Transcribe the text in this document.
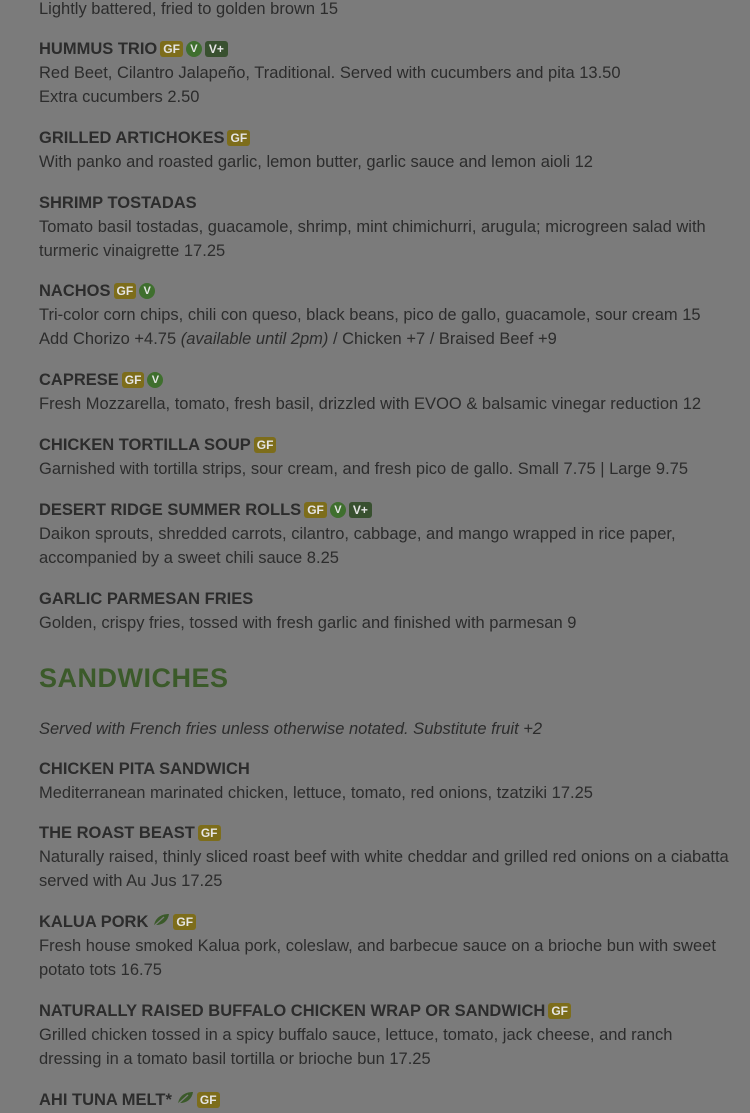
Lightly battered, fried to golden brown 15
HUMMUS TRIO GF V V+
Red Beet, Cilantro Jalapeño, Traditional. Served with cucumbers and pita 13.50
Extra cucumbers 2.50
GRILLED ARTICHOKES GF
With panko and roasted garlic, lemon butter, garlic sauce and lemon aioli 12
SHRIMP TOSTADAS
Tomato basil tostadas, guacamole, shrimp, mint chimichurri, arugula; microgreen salad with turmeric vinaigrette 17.25
NACHOS GF V
Tri-color corn chips, chili con queso, black beans, pico de gallo, guacamole, sour cream 15
Add Chorizo +4.75 (available until 2pm) / Chicken +7 / Braised Beef +9
CAPRESE GF V
Fresh Mozzarella, tomato, fresh basil, drizzled with EVOO & balsamic vinegar reduction 12
CHICKEN TORTILLA SOUP GF
Garnished with tortilla strips, sour cream, and fresh pico de gallo. Small 7.75 | Large 9.75
DESERT RIDGE SUMMER ROLLS GF V V+
Daikon sprouts, shredded carrots, cilantro, cabbage, and mango wrapped in rice paper, accompanied by a sweet chili sauce 8.25
GARLIC PARMESAN FRIES
Golden, crispy fries, tossed with fresh garlic and finished with parmesan 9
SANDWICHES
Served with French fries unless otherwise notated. Substitute fruit +2
CHICKEN PITA SANDWICH
Mediterranean marinated chicken, lettuce, tomato, red onions, tzatziki 17.25
THE ROAST BEAST GF
Naturally raised, thinly sliced roast beef with white cheddar and grilled red onions on a ciabatta served with Au Jus 17.25
KALUA PORK GF
Fresh house smoked Kalua pork, coleslaw, and barbecue sauce on a brioche bun with sweet potato tots 16.75
NATURALLY RAISED BUFFALO CHICKEN WRAP OR SANDWICH GF
Grilled chicken tossed in a spicy buffalo sauce, lettuce, tomato, jack cheese, and ranch dressing in a tomato basil tortilla or brioche bun 17.25
AHI TUNA MELT* GF
